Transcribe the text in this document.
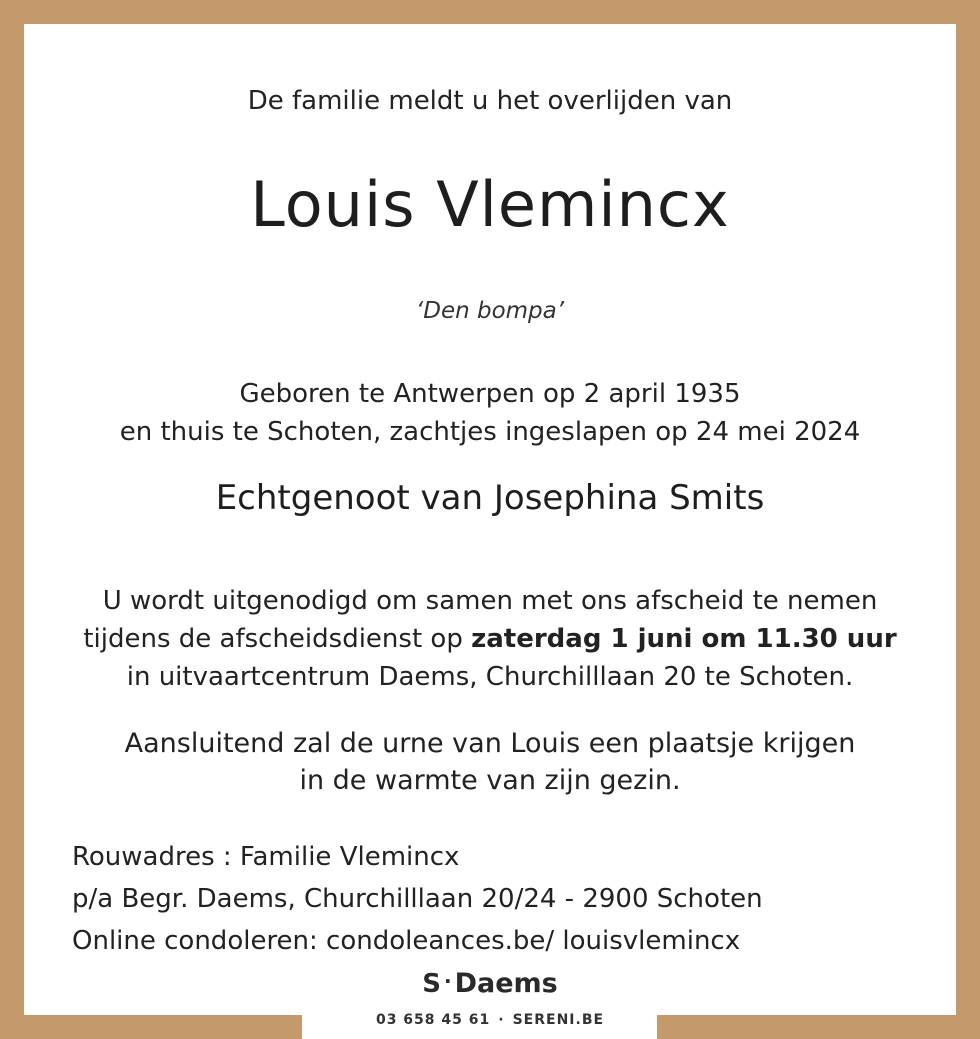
De familie meldt u het overlijden van
Louis Vlemincx
‘Den bompa’
Geboren te Antwerpen op 2 april 1935
en thuis te Schoten, zachtjes ingeslapen op 24 mei 2024
Echtgenoot van Josephina Smits
U wordt uitgenodigd om samen met ons afscheid te nemen
tijdens de afscheidsdienst op zaterdag 1 juni om 11.30 uur
in uitvaartcentrum Daems, Churchilllaan 20 te Schoten.
Aansluitend zal de urne van Louis een plaatsje krijgen
in de warmte van zijn gezin.
Rouwadres : Familie Vlemincx
p/a Begr. Daems, Churchilllaan 20/24 - 2900 Schoten
Online condoleren: condoleances.be/ louisvlemincx
S · Daems
03 658 45 61 · SERENI.BE
